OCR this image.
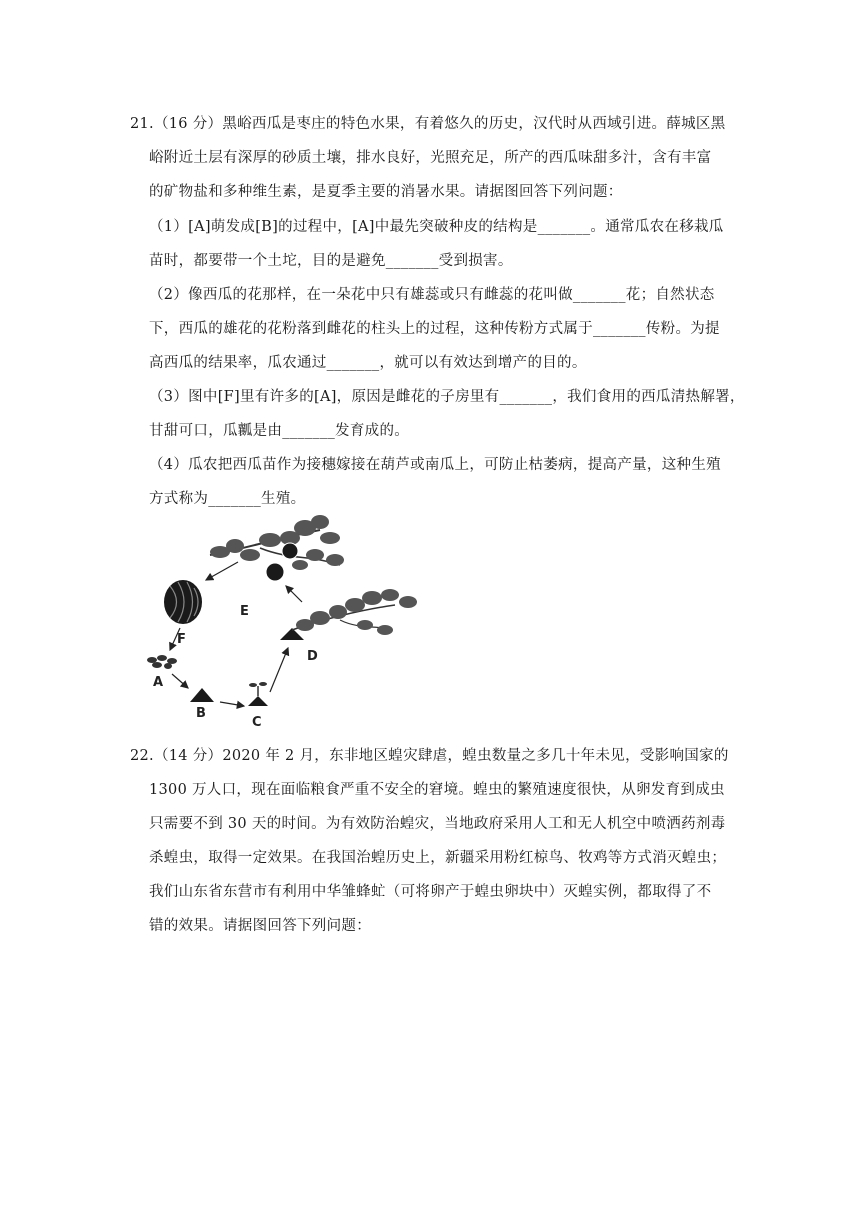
21.（16 分）黑峪西瓜是枣庄的特色水果，有着悠久的历史，汉代时从西域引进。薛城区黑
峪附近土层有深厚的砂质土壤，排水良好，光照充足，所产的西瓜味甜多汁，含有丰富
的矿物盐和多种维生素，是夏季主要的消暑水果。请据图回答下列问题：
（1）[A]萌发成[B]的过程中，[A]中最先突破种皮的结构是_______。通常瓜农在移栽瓜
苗时，都要带一个土坨，目的是避免_______受到损害。
（2）像西瓜的花那样，在一朵花中只有雄蕊或只有雌蕊的花叫做_______花；自然状态
下，西瓜的雄花的花粉落到雌花的柱头上的过程，这种传粉方式属于_______传粉。为提
高西瓜的结果率，瓜农通过_______，就可以有效达到增产的目的。
（3）图中[F]里有许多的[A]，原因是雌花的子房里有_______，我们食用的西瓜清热解署，
甘甜可口，瓜瓤是由_______发育成的。
（4）瓜农把西瓜苗作为接穗嫁接在葫芦或南瓜上，可防止枯萎病，提高产量，这种生殖
方式称为_______生殖。
E
F
A
B
C
D
22.（14 分）2020 年 2 月，东非地区蝗灾肆虐，蝗虫数量之多几十年未见，受影响国家的
1300 万人口，现在面临粮食严重不安全的窘境。蝗虫的繁殖速度很快，从卵发育到成虫
只需要不到 30 天的时间。为有效防治蝗灾，当地政府采用人工和无人机空中喷洒药剂毒
杀蝗虫，取得一定效果。在我国治蝗历史上，新疆采用粉红椋鸟、牧鸡等方式消灭蝗虫；
我们山东省东营市有利用中华雏蜂虻（可将卵产于蝗虫卵块中）灭蝗实例，都取得了不
错的效果。请据图回答下列问题：
